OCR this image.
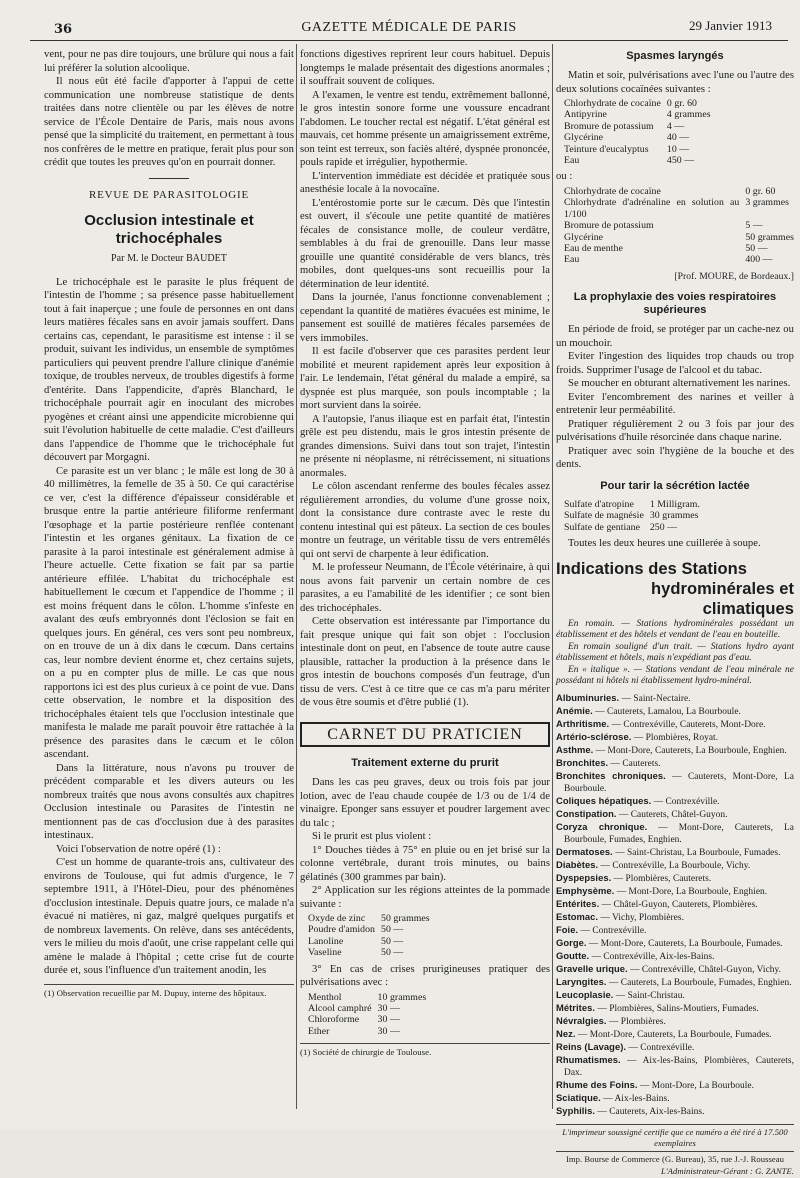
36	GAZETTE MÉDICALE DE PARIS	29 Janvier 1913

vent, pour ne pas dire toujours, une brûlure qui nous a fait lui préférer la solution alcoolique.

Il nous eût été facile d'apporter à l'appui de cette communication une nombreuse statistique de dents traitées dans notre clientèle ou par les élèves de notre service de l'École Dentaire de Paris, mais nous avons pensé que la simplicité du traitement, en permettant à tous nos confrères de le mettre en pratique, ferait plus pour son crédit que toutes les preuves qu'on en pourrait donner.

REVUE DE PARASITOLOGIE
Occlusion intestinale et trichocéphales
Par M. le Docteur BAUDET

Le trichocéphale est le parasite le plus fréquent de l'intestin de l'homme ; sa présence passe habituellement tout à fait inaperçue ; une foule de personnes en ont dans leurs matières fécales sans en avoir jamais souffert. Dans certains cas, cependant, le parasitisme est intense : il se produit, suivant les individus, un ensemble de symptômes particuliers qui peuvent prendre l'allure clinique d'anémie toxique, de troubles nerveux, de troubles digestifs à forme d'entérite. Dans l'appendicite, d'après Blanchard, le trichocéphale pourrait agir en inoculant des microbes pyogènes et créant ainsi une appendicite microbienne qui suit l'évolution habituelle de cette maladie. C'est d'ailleurs dans l'appendice de l'homme que le trichocéphale fut découvert par Morgagni.

Ce parasite est un ver blanc ; le mâle est long de 30 à 40 millimètres, la femelle de 35 à 50. Ce qui caractérise ce ver, c'est la différence d'épaisseur considérable et brusque entre la partie antérieure filiforme renfermant l'œsophage et la partie postérieure renflée contenant l'intestin et les organes génitaux. La fixation de ce parasite à la paroi intestinale est généralement admise à l'heure actuelle. Cette fixation se fait par sa partie antérieure effilée. L'habitat du trichocéphale est habituellement le cœcum et l'appendice de l'homme ; il est moins fréquent dans le côlon. L'homme s'infeste en avalant des œufs embryonnés dont l'éclosion se fait en quelques jours. En général, ces vers sont peu nombreux, on en trouve de un à dix dans le cœcum. Dans certains cas, leur nombre devient énorme et, chez certains sujets, on a pu en compter plus de mille. Le cas que nous rapportons ici est des plus curieux à ce point de vue. Dans cette observation, le nombre et la disposition des trichocéphales étaient tels que l'occlusion intestinale que manifesta le malade me paraît pouvoir être rattachée à la présence des parasites dans le cæcum et le côlon ascendant.

Dans la littérature, nous n'avons pu trouver de précédent comparable et les divers auteurs ou les nombreux traités que nous avons consultés aux chapitres Occlusion intestinale ou Parasites de l'intestin ne mentionnent pas de cas d'occlusion due à des parasites intestinaux.

Voici l'observation de notre opéré (1) :

C'est un homme de quarante-trois ans, cultivateur des environs de Toulouse, qui fut admis d'urgence, le 7 septembre 1911, à l'Hôtel-Dieu, pour des phénomènes d'occlusion intestinale. Depuis quatre jours, ce malade n'a évacué ni matières, ni gaz, malgré quelques purgatifs et de nombreux lavements. On relève, dans ses antécédents, vers le milieu du mois d'août, une crise rappelant celle qui amène le malade à l'hôpital ; cette crise fut de courte durée et, sous l'influence d'un traitement anodin, les

(1) Observation recueillie par M. Dupuy, interne des hôpitaux.

fonctions digestives reprirent leur cours habituel. Depuis longtemps le malade présentait des digestions anormales ; il souffrait souvent de coliques.

A l'examen, le ventre est tendu, extrêmement ballonné, le gros intestin sonore forme une voussure encadrant l'abdomen. Le toucher rectal est négatif. L'état général est mauvais, cet homme présente un amaigrissement extrême, son teint est terreux, son faciès altéré, dyspnée prononcée, pouls rapide et irrégulier, hypothermie.

L'intervention immédiate est décidée et pratiquée sous anesthésie locale à la novocaïne.

L'entérostomie porte sur le cæcum. Dès que l'intestin est ouvert, il s'écoule une petite quantité de matières fécales de consistance molle, de couleur verdâtre, semblables à du frai de grenouille. Dans leur masse grouille une quantité considérable de vers blancs, très mobiles, dont quelques-uns sont recueillis pour la détermination de leur identité.

Dans la journée, l'anus fonctionne convenablement ; cependant la quantité de matières évacuées est minime, le pansement est souillé de matières fécales parsemées de vers immobiles.

Il est facile d'observer que ces parasites perdent leur mobilité et meurent rapidement après leur exposition à l'air. Le lendemain, l'état général du malade a empiré, sa dyspnée est plus marquée, son pouls incomptable ; la mort survient dans la soirée.

A l'autopsie, l'anus iliaque est en parfait état, l'intestin grêle est peu distendu, mais le gros intestin présente de grandes dimensions. Suivi dans tout son trajet, l'intestin ne présente ni néoplasme, ni rétrécissement, ni situations anormales.

Le côlon ascendant renferme des boules fécales assez régulièrement arrondies, du volume d'une grosse noix, dont la consistance dure contraste avec le reste du contenu intestinal qui est pâteux. La section de ces boules montre un feutrage, un véritable tissu de vers entremêlés qui ont servi de charpente à leur édification.

M. le professeur Neumann, de l'École vétérinaire, à qui nous avons fait parvenir un certain nombre de ces parasites, a eu l'amabilité de les identifier ; ce sont bien des trichocéphales.

Cette observation est intéressante par l'importance du fait presque unique qui fait son objet : l'occlusion intestinale dont on peut, en l'absence de toute autre cause plausible, rattacher la production à la présence dans le gros intestin de bouchons composés d'un feutrage, d'un tissu de vers. C'est à ce titre que ce cas m'a paru mériter de vous être soumis et d'être publié (1).

CARNET DU PRATICIEN
Traitement externe du prurit

Dans les cas peu graves, deux ou trois fois par jour lotion, avec de l'eau chaude coupée de 1/3 ou de 1/4 de vinaigre. Eponger sans essuyer et poudrer largement avec du talc ;

Si le prurit est plus violent :

1° Douches tièdes à 75° en pluie ou en jet brisé sur la colonne vertébrale, durant trois minutes, ou bains gélatinés (300 grammes par bain).

2° Application sur les régions atteintes de la pommade suivante :

Oxyde de zinc	50 grammes
Poudre d'amidon	50 —
Lanoline	50 —
Vaseline	50 —

3° En cas de crises prurigineuses pratiquer des pulvérisations avec :

Menthol	10 grammes
Alcool camphré	30 —
Chloroforme	30 —
Ether	30 —
(1) Société de chirurgie de Toulouse.
Spasmes laryngés

Matin et soir, pulvérisations avec l'une ou l'autre des deux solutions cocaïnées suivantes :

Chlorhydrate de cocaïne	0 gr. 60
Antipyrine	4 grammes
Bromure de potassium	4 —
Glycérine	40 —
Teinture d'eucalyptus	10 —
Eau	450 —

ou :

Chlorhydrate de cocaïne	0 gr. 60
Chlorhydrate d'adrénaline en solution au 1/100	3 grammes
Bromure de potassium	5 —
Glycérine	50 grammes
Eau de menthe	50 —
Eau	400 —
[Prof. MOURE, de Bordeaux.]
La prophylaxie des voies respiratoires supérieures

En période de froid, se protéger par un cache-nez ou un mouchoir.

Eviter l'ingestion des liquides trop chauds ou trop froids. Supprimer l'usage de l'alcool et du tabac.

Se moucher en obturant alternativement les narines.

Eviter l'encombrement des narines et veiller à entretenir leur perméabilité.

Pratiquer régulièrement 2 ou 3 fois par jour des pulvérisations d'huile résorcinée dans chaque narine.

Pratiquer avec soin l'hygiène de la bouche et des dents.

Pour tarir la sécrétion lactée
Sulfate d'atropine	1 Milligram.
Sulfate de magnésie	30 grammes
Sulfate de gentiane	250 —

Toutes les deux heures une cuillerée à soupe.

Indications des Stations
hydrominérales et climatiques

En romain. — Stations hydrominérales possédant un établissement et des hôtels et vendant de l'eau en bouteille.

En romain souligné d'un trait. — Stations hydro ayant établissement et hôtels, mais n'expédiant pas d'eau.

En « italique ». — Stations vendant de l'eau minérale ne possédant ni hôtels ni établissement hydro-minéral.

Albuminuries. — Saint-Nectaire.
Anémie. — Cauterets, Lamalou, La Bourboule.
Arthritisme. — Contrexéville, Cauterets, Mont-Dore.
Artério-sclérose. — Plombières, Royat.
Asthme. — Mont-Dore, Cauterets, La Bourboule, Enghien.
Bronchites. — Cauterets.
Bronchites chroniques. — Cauterets, Mont-Dore, La Bourboule.
Coliques hépatiques. — Contrexéville.
Constipation. — Cauterets, Châtel-Guyon.
Coryza chronique. — Mont-Dore, Cauterets, La Bourboule, Fumades, Enghien.
Dermatoses. — Saint-Christau, La Bourboule, Fumades.
Diabètes. — Contrexéville, La Bourboule, Vichy.
Dyspepsies. — Plombières, Cauterets.
Emphysème. — Mont-Dore, La Bourboule, Enghien.
Entérites. — Châtel-Guyon, Cauterets, Plombières.
Estomac. — Vichy, Plombières.
Foie. — Contrexéville.
Gorge. — Mont-Dore, Cauterets, La Bourboule, Fumades.
Goutte. — Contrexéville, Aix-les-Bains.
Gravelle urique. — Contrexéville, Châtel-Guyon, Vichy.
Laryngites. — Cauterets, La Bourboule, Fumades, Enghien.
Leucoplasie. — Saint-Christau.
Métrites. — Plombières, Salins-Moutiers, Fumades.
Névralgies. — Plombières.
Nez. — Mont-Dore, Cauterets, La Bourboule, Fumades.
Reins (Lavage). — Contrexéville.
Rhumatismes. — Aix-les-Bains, Plombières, Cauterets, Dax.
Rhume des Foins. — Mont-Dore, La Bourboule.
Sciatique. — Aix-les-Bains.
Syphilis. — Cauterets, Aix-les-Bains.
L'imprimeur soussigné certifie que ce numéro a été tiré à 17.500 exemplaires
Imp. Bourse de Commerce (G. Bureau), 35, rue J.-J. Rousseau
L'Administrateur-Gérant : G. ZANTE.
